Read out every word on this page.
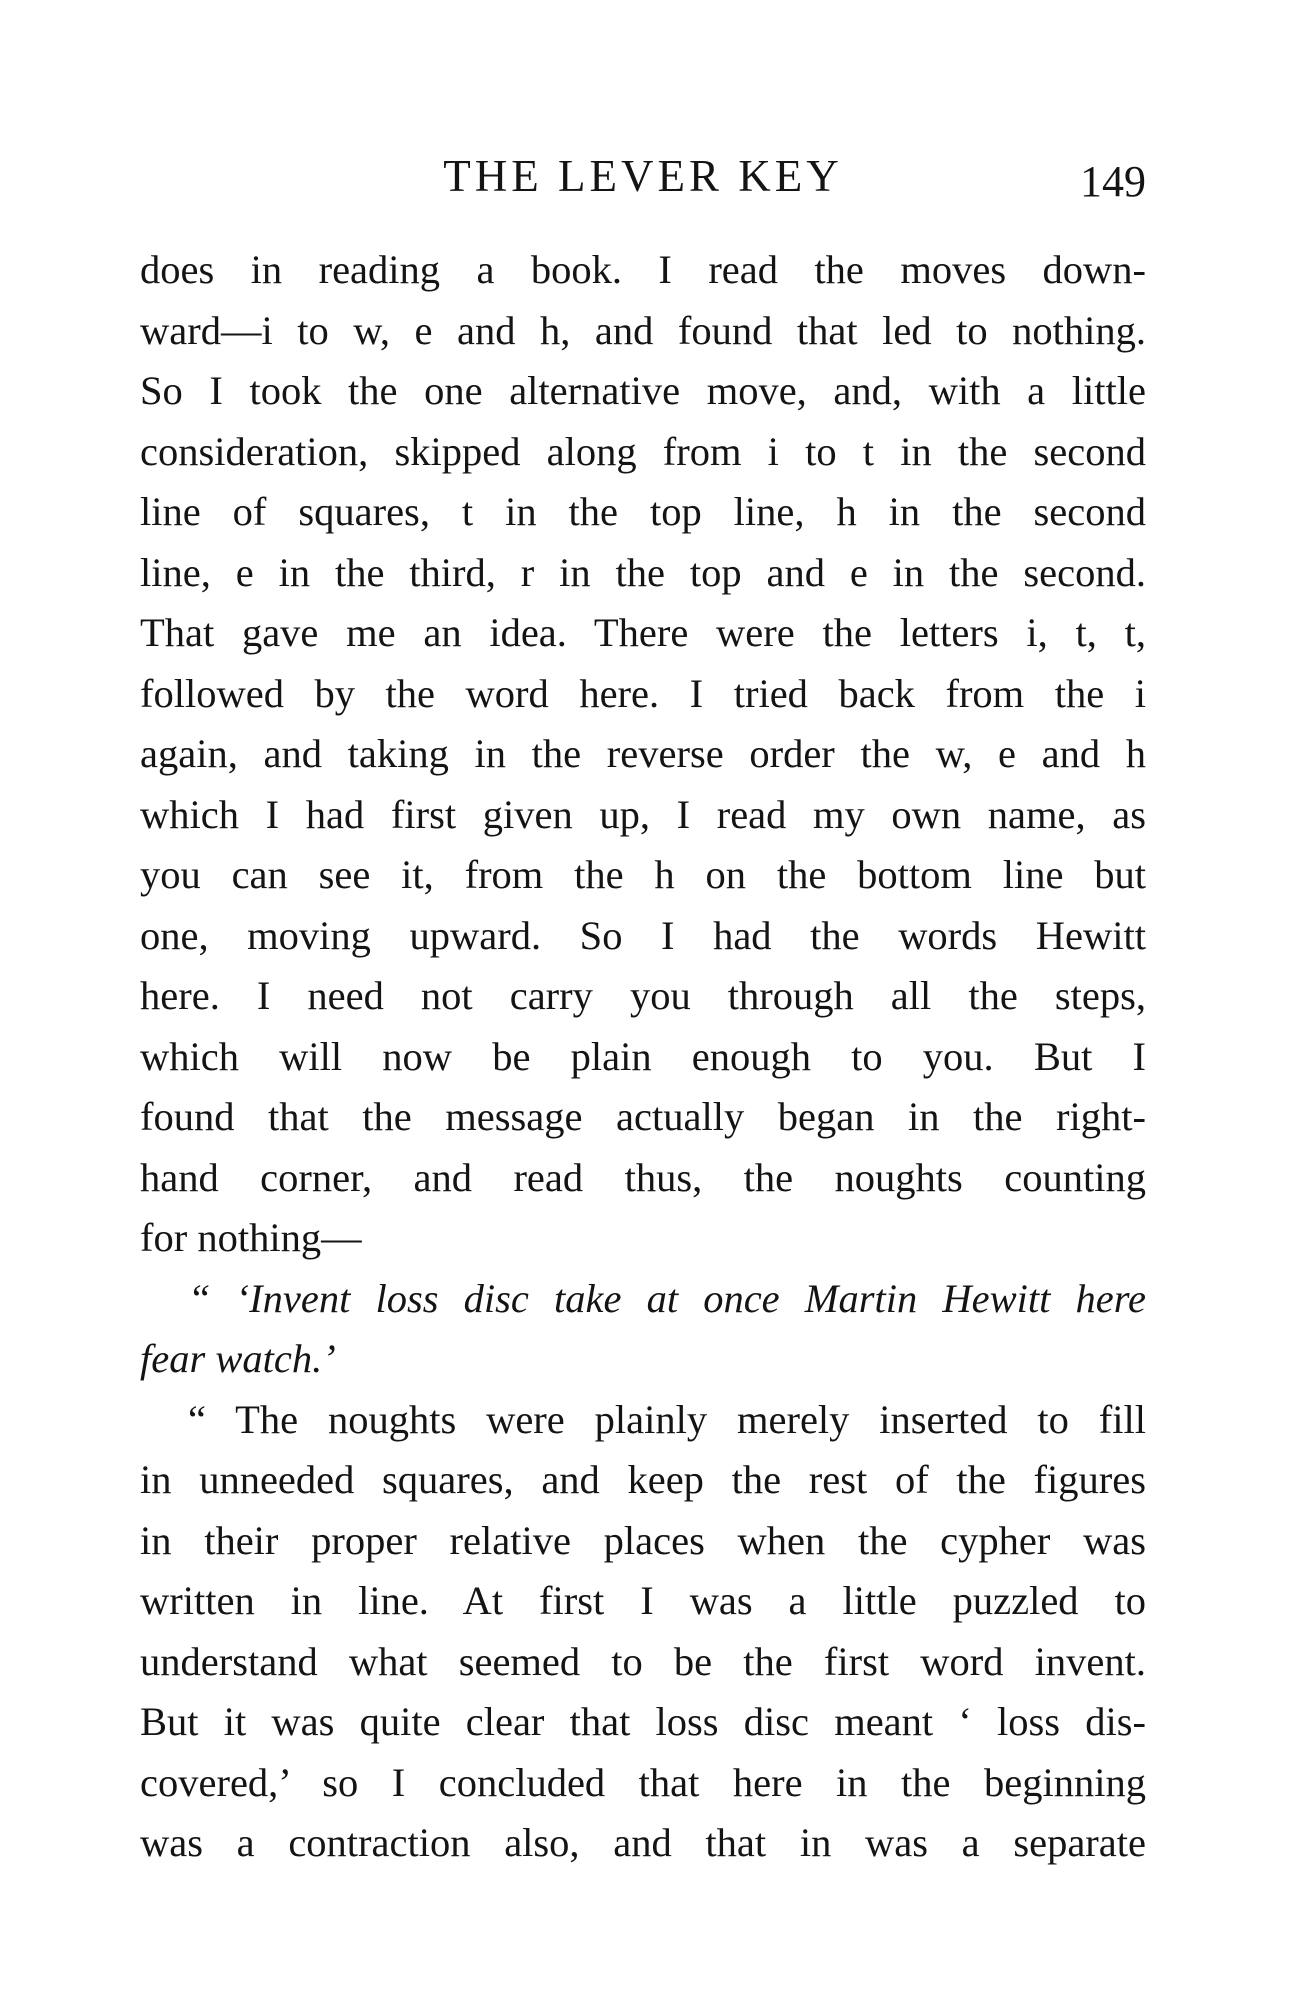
THE LEVER KEY	149
does in reading a book. I read the moves down-
ward—i to w, e and h, and found that led to nothing.
So I took the one alternative move, and, with a little
consideration, skipped along from i to t in the second
line of squares, t in the top line, h in the second
line, e in the third, r in the top and e in the second.
That gave me an idea. There were the letters i, t, t,
followed by the word here. I tried back from the i
again, and taking in the reverse order the w, e and h
which I had first given up, I read my own name, as
you can see it, from the h on the bottom line but
one, moving upward. So I had the words Hewitt
here. I need not carry you through all the steps,
which will now be plain enough to you. But I
found that the message actually began in the right-
hand corner, and read thus, the noughts counting
for nothing—
“ ‘Invent loss disc take at once Martin Hewitt here
fear watch.’
“ The noughts were plainly merely inserted to fill
in unneeded squares, and keep the rest of the figures
in their proper relative places when the cypher was
written in line. At first I was a little puzzled to
understand what seemed to be the first word invent.
But it was quite clear that loss disc meant ‘ loss dis-
covered,’ so I concluded that here in the beginning
was a contraction also, and that in was a separate
